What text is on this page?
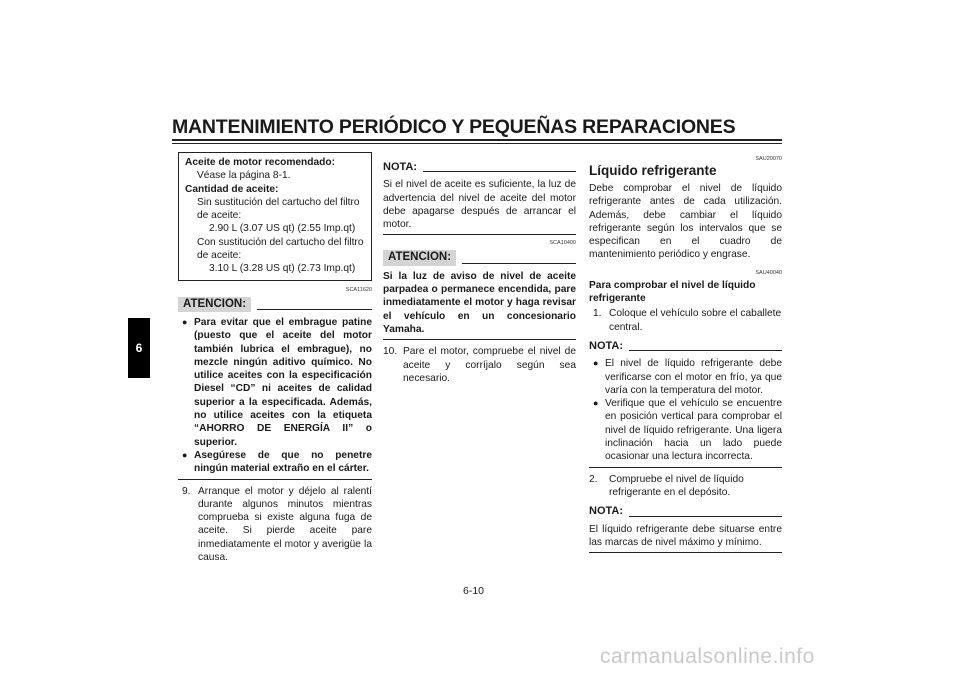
MANTENIMIENTO PERIÓDICO Y PEQUEÑAS REPARACIONES
6
Aceite de motor recomendado:
Véase la página 8-1.
Cantidad de aceite:
Sin sustitución del cartucho del filtro de aceite:
2.90 L (3.07 US qt) (2.55 Imp.qt)
Con sustitución del cartucho del filtro de aceite:
3.10 L (3.28 US qt) (2.73 Imp.qt)
SCA11620
ATENCION:
● Para evitar que el embrague patine (puesto que el aceite del motor también lubrica el embrague), no mezcle ningún aditivo químico. No utilice aceites con la especificación Diesel “CD” ni aceites de calidad superior a la especificada. Además, no utilice aceites con la etiqueta “AHORRO DE ENERGÍA II” o superior.
● Asegúrese de que no penetre ningún material extraño en el cárter.
9. Arranque el motor y déjelo al ralentí durante algunos minutos mientras comprueba si existe alguna fuga de aceite. Si pierde aceite pare inmediatamente el motor y averigüe la causa.
NOTA:
Si el nivel de aceite es suficiente, la luz de advertencia del nivel de aceite del motor debe apagarse después de arrancar el motor.
SCA10400
ATENCION:
Si la luz de aviso de nivel de aceite parpadea o permanece encendida, pare inmediatamente el motor y haga revisar el vehículo en un concesionario Yamaha.
10. Pare el motor, compruebe el nivel de aceite y corríjalo según sea necesario.
SAU20070
Líquido refrigerante
Debe comprobar el nivel de líquido refrigerante antes de cada utilización. Además, debe cambiar el líquido refrigerante según los intervalos que se especifican en el cuadro de mantenimiento periódico y engrase.
SAU40040
Para comprobar el nivel de líquido refrigerante
1. Coloque el vehículo sobre el caballete central.
NOTA:
● El nivel de líquido refrigerante debe verificarse con el motor en frío, ya que varía con la temperatura del motor.
● Verifique que el vehículo se encuentre en posición vertical para comprobar el nivel de líquido refrigerante. Una ligera inclinación hacia un lado puede ocasionar una lectura incorrecta.
2. Compruebe el nivel de líquido refrigerante en el depósito.
NOTA:
El líquido refrigerante debe situarse entre las marcas de nivel máximo y mínimo.
6-10
carmanualsonline.info
